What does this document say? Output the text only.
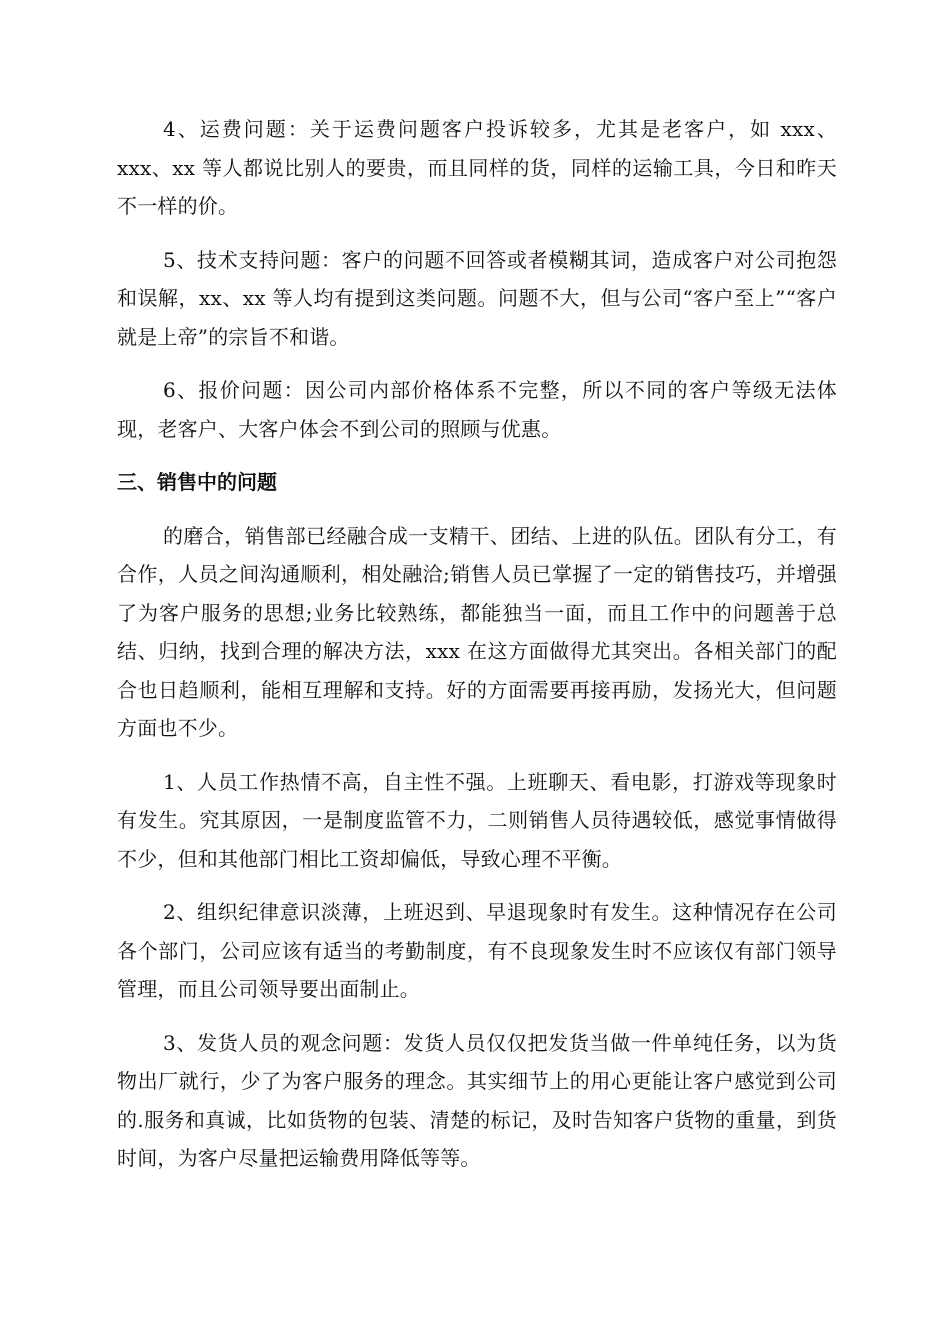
4、运费问题：关于运费问题客户投诉较多，尤其是老客户，如 xxx、xxx、xx 等人都说比别人的要贵，而且同样的货，同样的运输工具，今日和昨天不一样的价。

5、技术支持问题：客户的问题不回答或者模糊其词，造成客户对公司抱怨和误解，xx、xx 等人均有提到这类问题。问题不大，但与公司“客户至上”“客户就是上帝”的宗旨不和谐。

6、报价问题：因公司内部价格体系不完整，所以不同的客户等级无法体现，老客户、大客户体会不到公司的照顾与优惠。

三、销售中的问题

的磨合，销售部已经融合成一支精干、团结、上进的队伍。团队有分工，有合作，人员之间沟通顺利，相处融洽;销售人员已掌握了一定的销售技巧，并增强了为客户服务的思想;业务比较熟练，都能独当一面，而且工作中的问题善于总结、归纳，找到合理的解决方法，xxx 在这方面做得尤其突出。各相关部门的配合也日趋顺利，能相互理解和支持。好的方面需要再接再励，发扬光大，但问题方面也不少。

1、人员工作热情不高，自主性不强。上班聊天、看电影，打游戏等现象时有发生。究其原因，一是制度监管不力，二则销售人员待遇较低，感觉事情做得不少，但和其他部门相比工资却偏低，导致心理不平衡。

2、组织纪律意识淡薄，上班迟到、早退现象时有发生。这种情况存在公司各个部门，公司应该有适当的考勤制度，有不良现象发生时不应该仅有部门领导管理，而且公司领导要出面制止。

3、发货人员的观念问题：发货人员仅仅把发货当做一件单纯任务，以为货物出厂就行，少了为客户服务的理念。其实细节上的用心更能让客户感觉到公司的.服务和真诚，比如货物的包装、清楚的标记，及时告知客户货物的重量，到货时间，为客户尽量把运输费用降低等等。
